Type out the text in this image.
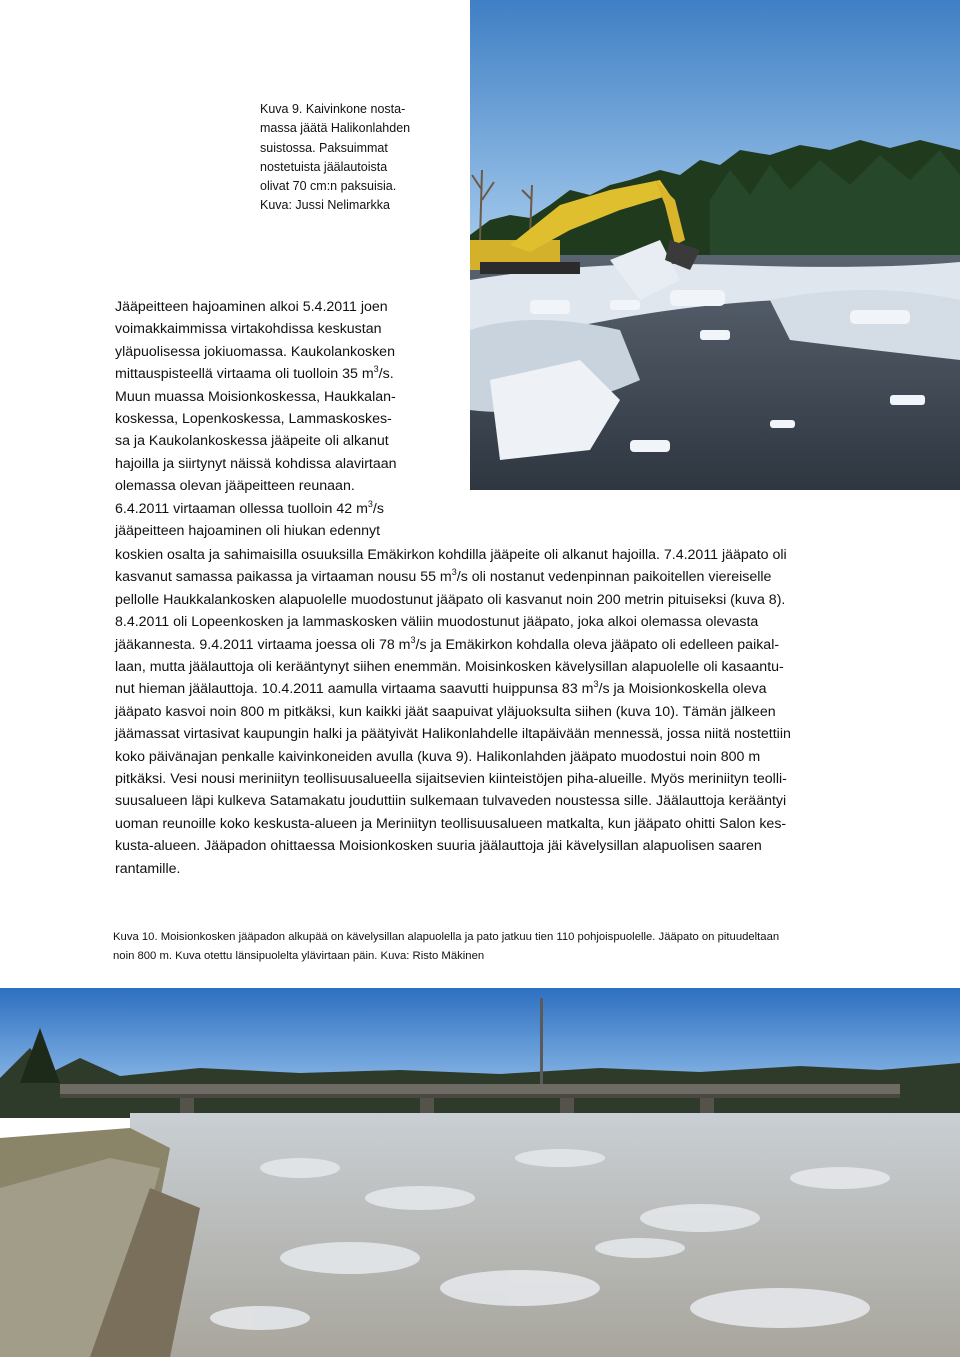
Kuva 9. Kaivinkone nosta-
massa jäätä Halikonlahden
suistossa. Paksuimmat
nostetuista jäälautoista
olivat 70 cm:n paksuisia.
Kuva: Jussi Nelimarkka

Jääpeitteen hajoaminen alkoi 5.4.2011 joen

voimakkaimmissa virtakohdissa keskustan

yläpuolisessa jokiuomassa. Kaukolankosken

mittauspisteellä virtaama oli tuolloin 35 $m^3/s$.

Muun muassa Moisionkoskessa, Haukkalan-

koskessa, Lopenkoskessa, Lammaskoskes-

sa ja Kaukolankoskessa jääpeite oli alkanut

hajoilla ja siirtynyt näissä kohdissa alavirtaan

olemassa olevan jääpeitteen reunaan.

6.4.2011 virtaaman ollessa tuolloin 42 $m^3/s$

jääpeitteen hajoaminen oli hiukan edennyt

koskien osalta ja sahimaisilla osuuksilla Emäkirkon kohdilla jääpeite oli alkanut hajoilla. 7.4.2011 jääpato oli

kasvanut samassa paikassa ja virtaaman nousu 55 $m^3/s$ oli nostanut vedenpinnan paikoitellen viereiselle

pellolle Haukkalankosken alapuolelle muodostunut jääpato oli kasvanut noin 200 metrin pituiseksi (kuva 8).

8.4.2011 oli Lopeenkosken ja lammaskosken väliin muodostunut jääpato, joka alkoi olemassa olevasta

jääkannesta. 9.4.2011 virtaama joessa oli 78 $m^3/s$ ja Emäkirkon kohdalla oleva jääpato oli edelleen paikal-

laan, mutta jäälauttoja oli kerääntynyt siihen enemmän. Moisinkosken kävelysillan alapuolelle oli kasaantu-

nut hieman jäälauttoja. 10.4.2011 aamulla virtaama saavutti huippunsa 83 $m^3/s$ ja Moisionkoskella oleva

jääpato kasvoi noin 800 m pitkäksi, kun kaikki jäät saapuivat yläjuoksulta siihen (kuva 10). Tämän jälkeen

jäämassat virtasivat kaupungin halki ja päätyivät Halikonlahdelle iltapäivään mennessä, jossa niitä nostettiin

koko päivänajan penkalle kaivinkoneiden avulla (kuva 9). Halikonlahden jääpato muodostui noin 800 m

pitkäksi. Vesi nousi meriniityn teollisuusalueella sijaitsevien kiinteistöjen piha-alueille. Myös meriniityn teolli-

suusalueen läpi kulkeva Satamakatu jouduttiin sulkemaan tulvaveden noustessa sille. Jäälauttoja kerääntyi

uoman reunoille koko keskusta-alueen ja Meriniityn teollisuusalueen matkalta, kun jääpato ohitti Salon kes-

kusta-alueen. Jääpadon ohittaessa Moisionkosken suuria jäälauttoja jäi kävelysillan alapuolisen saaren

rantamille.

Kuva 10. Moisionkosken jääpadon alkupää on kävelysillan alapuolella ja pato jatkuu tien 110 pohjoispuolelle. Jääpato on pituudeltaan
noin 800 m. Kuva otettu länsipuolelta ylävirtaan päin. Kuva: Risto Mäkinen
